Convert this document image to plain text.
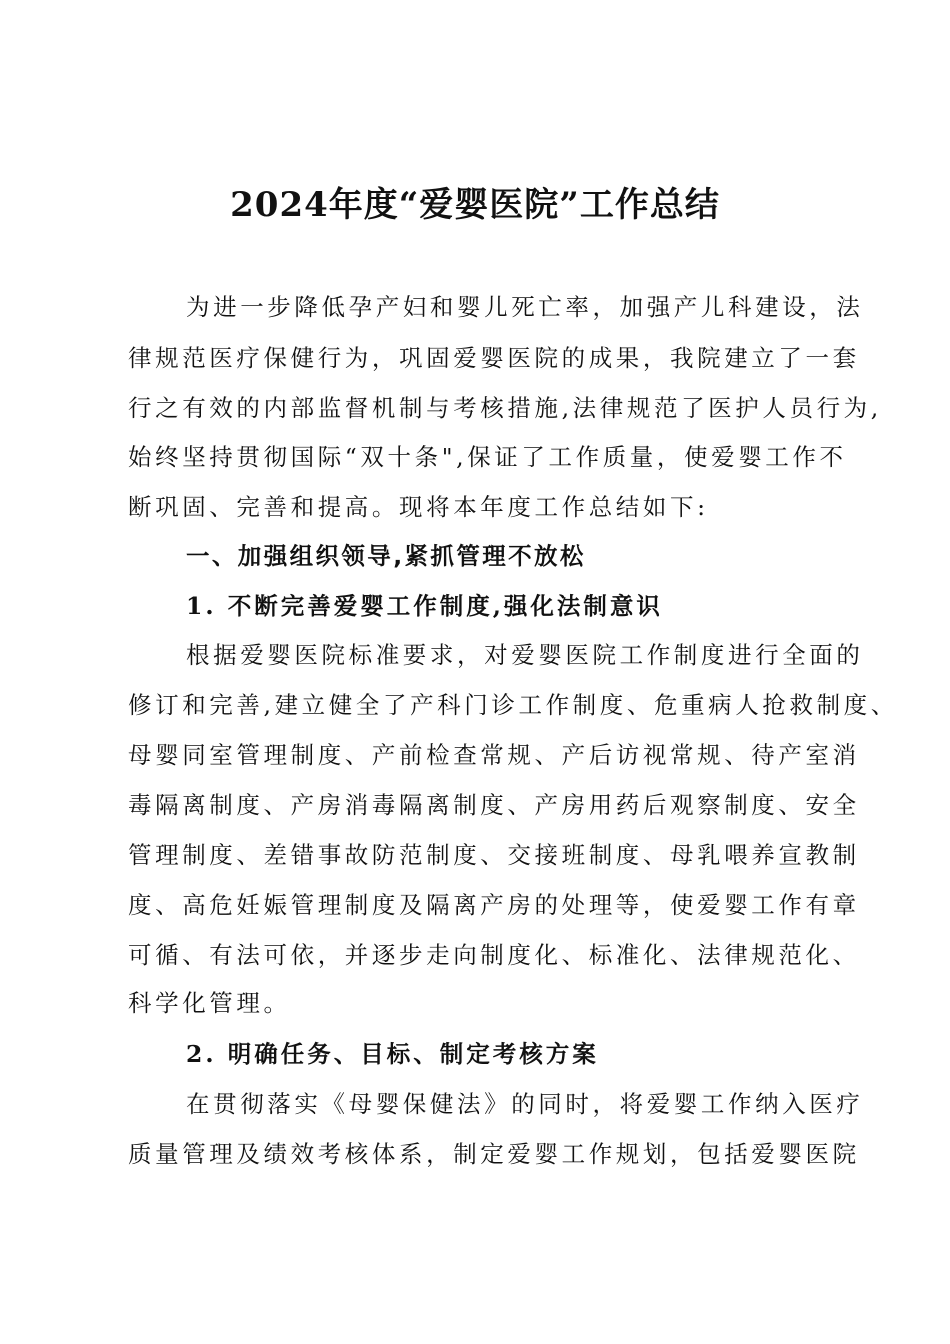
2024年度“爱婴医院”工作总结
为进一步降低孕产妇和婴儿死亡率，加强产儿科建设，法
律规范医疗保健行为，巩固爱婴医院的成果，我院建立了一套
行之有效的内部监督机制与考核措施,法律规范了医护人员行为,
始终坚持贯彻国际“双十条",保证了工作质量，使爱婴工作不
断巩固、完善和提高。现将本年度工作总结如下:
一、加强组织领导,紧抓管理不放松
1. 不断完善爱婴工作制度,强化法制意识
根据爱婴医院标准要求，对爱婴医院工作制度进行全面的
修订和完善,建立健全了产科门诊工作制度、危重病人抢救制度、
母婴同室管理制度、产前检查常规、产后访视常规、待产室消
毒隔离制度、产房消毒隔离制度、产房用药后观察制度、安全
管理制度、差错事故防范制度、交接班制度、母乳喂养宣教制
度、高危妊娠管理制度及隔离产房的处理等，使爱婴工作有章
可循、有法可依，并逐步走向制度化、标准化、法律规范化、
科学化管理。
2. 明确任务、目标、制定考核方案
在贯彻落实《母婴保健法》的同时，将爱婴工作纳入医疗
质量管理及绩效考核体系，制定爱婴工作规划，包括爱婴医院
